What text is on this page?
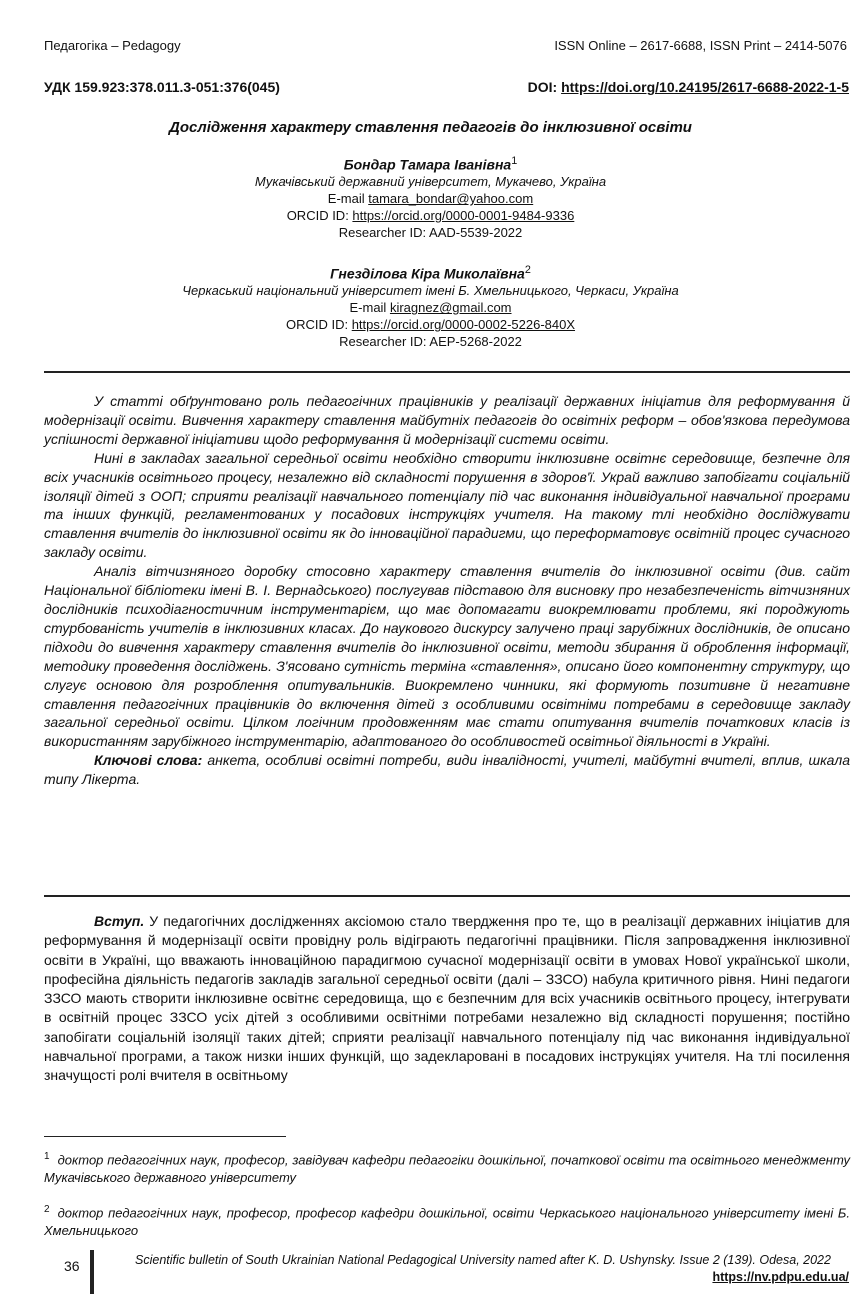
Педагогіка – Pedagogy	ISSN Online – 2617-6688, ISSN Print – 2414-5076
УДК 159.923:378.011.3-051:376(045)	DOI: https://doi.org/10.24195/2617-6688-2022-1-5
Дослідження характеру ставлення педагогів до інклюзивної освіти
Бондар Тамара Іванівна$^1$
Мукачівський державний університет, Мукачево, Україна
E-mail tamara_bondar@yahoo.com
ORCID ID: https://orcid.org/0000-0001-9484-9336
Researcher ID: AAD-5539-2022
Гнезділова Кіра Миколаївна$^2$
Черкаський національний університет імені Б. Хмельницького, Черкаси, Україна
E-mail kiragnez@gmail.com
ORCID ID: https://orcid.org/0000-0002-5226-840X
Researcher ID: AEP-5268-2022

У статті обґрунтовано роль педагогічних працівників у реалізації державних ініціатив для реформування й модернізації освіти. Вивчення характеру ставлення майбутніх педагогів до освітніх реформ – обов'язкова передумова успішності державної ініціативи щодо реформування й модернізації системи освіти.

Нині в закладах загальної середньої освіти необхідно створити інклюзивне освітнє середовище, безпечне для всіх учасників освітнього процесу, незалежно від складності порушення в здоров'ї. Украй важливо запобігати соціальній ізоляції дітей з ООП; сприяти реалізації навчального потенціалу під час виконання індивідуальної навчальної програми та інших функцій, регламентованих у посадових інструкціях учителя. На такому тлі необхідно досліджувати ставлення вчителів до інклюзивної освіти як до інноваційної парадигми, що переформатовує освітній процес сучасного закладу освіти.

Аналіз вітчизняного доробку стосовно характеру ставлення вчителів до інклюзивної освіти (див. сайт Національної бібліотеки імені В. І. Вернадського) послугував підставою для висновку про незабезпеченість вітчизняних дослідників психодіагностичним інструментарієм, що має допомагати виокремлювати проблеми, які породжують стурбованість учителів в інклюзивних класах. До наукового дискурсу залучено праці зарубіжних дослідників, де описано підходи до вивчення характеру ставлення вчителів до інклюзивної освіти, методи збирання й оброблення інформації, методику проведення досліджень. З'ясовано сутність терміна «ставлення», описано його компонентну структуру, що слугує основою для розроблення опитувальників. Виокремлено чинники, які формують позитивне й негативне ставлення педагогічних працівників до включення дітей з особливими освітніми потребами в середовище закладу загальної середньої освіти. Цілком логічним продовженням має стати опитування вчителів початкових класів із використанням зарубіжного інструментарію, адаптованого до особливостей освітньої діяльності в Україні.

Ключові слова: анкета, особливі освітні потреби, види інвалідності, учителі, майбутні вчителі, вплив, шкала типу Лікерта.

Вступ. У педагогічних дослідженнях аксіомою стало твердження про те, що в реалізації державних ініціатив для реформування й модернізації освіти провідну роль відіграють педагогічні працівники. Після запровадження інклюзивної освіти в Україні, що вважають інноваційною парадигмою сучасної модернізації освіти в умовах Нової української школи, професійна діяльність педагогів закладів загальної середньої освіти (далі – ЗЗСО) набула критичного рівня. Нині педагоги ЗЗСО мають створити інклюзивне освітнє середовища, що є безпечним для всіх учасників освітнього процесу, інтегрувати в освітній процес ЗЗСО усіх дітей з особливими освітніми потребами незалежно від складності порушення; постійно запобігати соціальній ізоляції таких дітей; сприяти реалізації навчального потенціалу під час виконання індивідуальної навчальної програми, а також низки інших функцій, що задекларовані в посадових інструкціях учителя. На тлі посилення значущості ролі вчителя в освітньому

$^1$ доктор педагогічних наук, професор, завідувач кафедри педагогіки дошкільної, початкової освіти та освітнього менеджменту Мукачівського державного університету
$^2$ доктор педагогічних наук, професор, професор кафедри дошкільної, освіти Черкаського національного університету імені Б. Хмельницького
36	Scientific bulletin of South Ukrainian National Pedagogical University named after K. D. Ushynsky. Issue 2 (139). Odesa, 2022
https://nv.pdpu.edu.ua/
